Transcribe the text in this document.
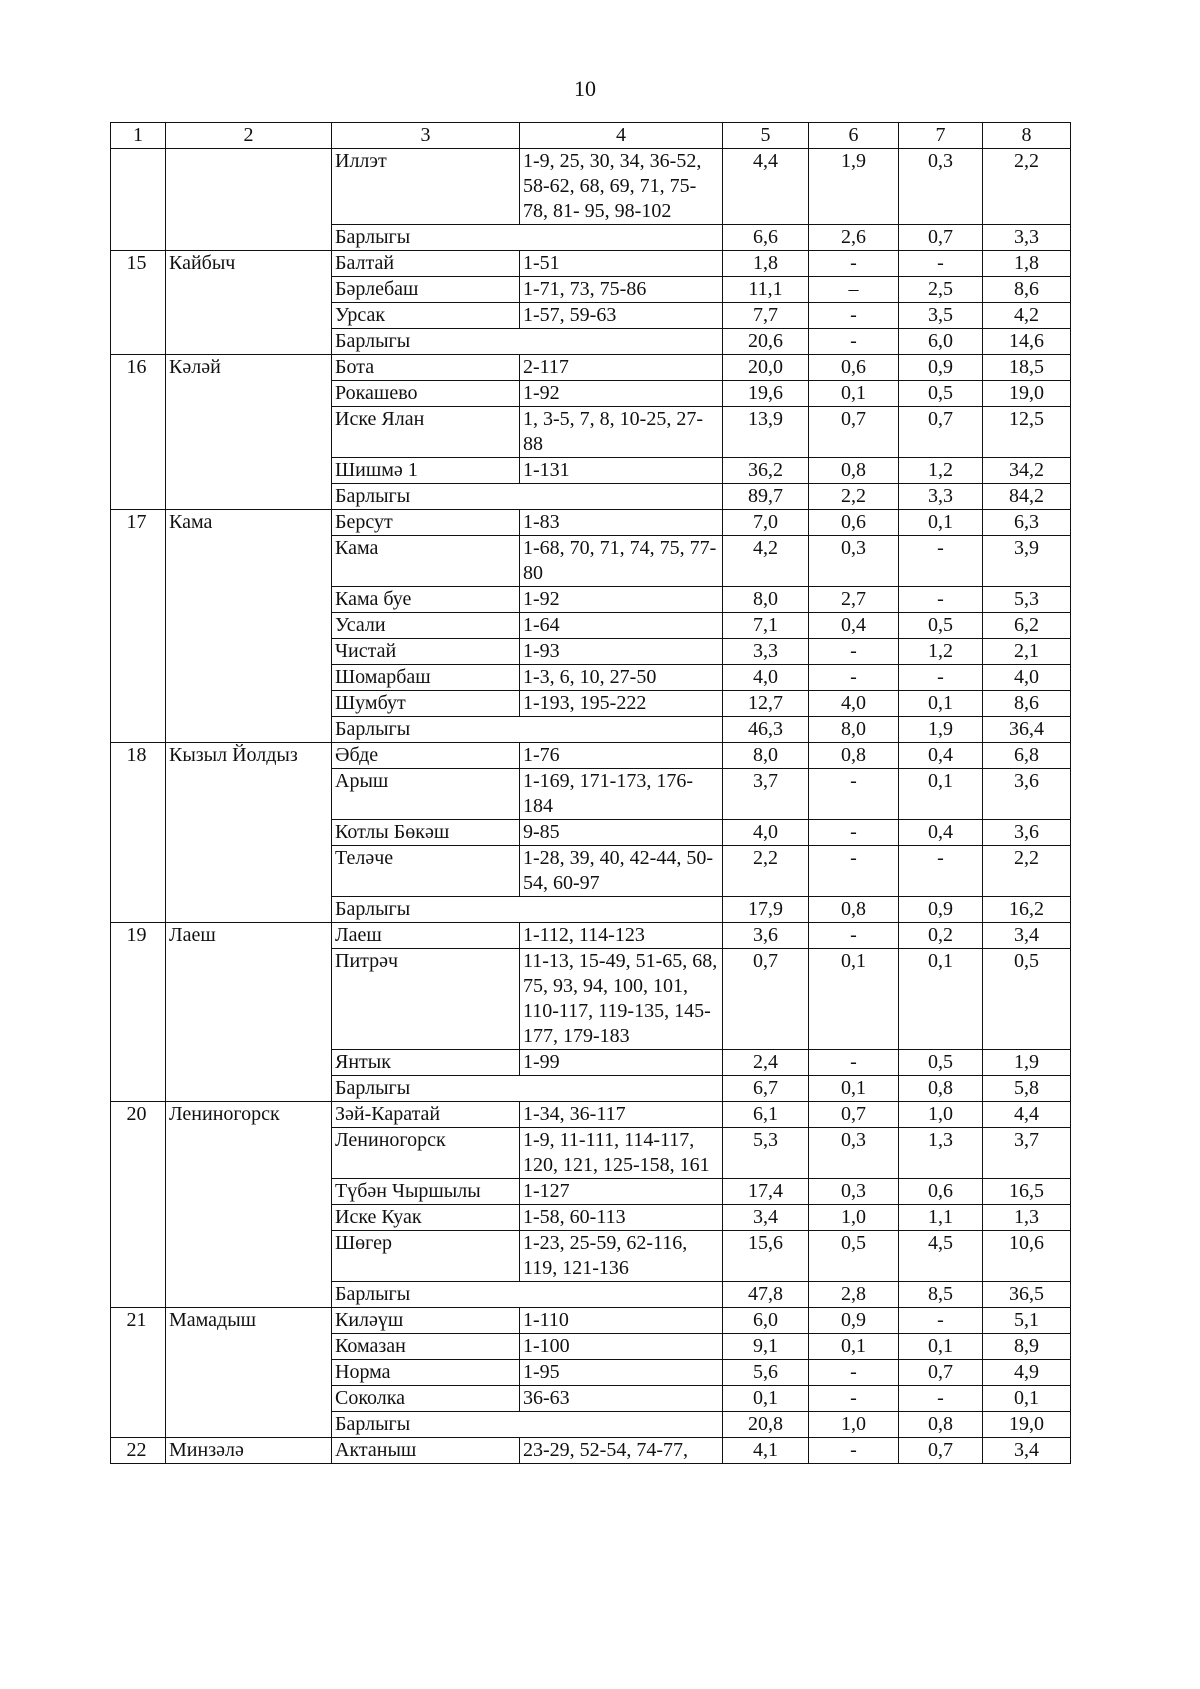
10
1	2	3	4	5	6	7	8
		Иллэт	1-9, 25, 30, 34, 36-52, 58-62, 68, 69, 71, 75-78, 81- 95, 98-102	4,4	1,9	0,3	2,2
		Барлыгы		6,6	2,6	0,7	3,3
15	Кайбыч	Балтай	1-51	1,8	-	-	1,8
		Бәрлебаш	1-71, 73, 75-86	11,1	–	2,5	8,6
		Урсак	1-57, 59-63	7,7	-	3,5	4,2
		Барлыгы		20,6	-	6,0	14,6
16	Кәләй	Бота	2-117	20,0	0,6	0,9	18,5
		Рокашево	1-92	19,6	0,1	0,5	19,0
		Иске Ялан	1, 3-5, 7, 8, 10-25, 27-88	13,9	0,7	0,7	12,5
		Шишмә 1	1-131	36,2	0,8	1,2	34,2
		Барлыгы		89,7	2,2	3,3	84,2
17	Кама	Берсут	1-83	7,0	0,6	0,1	6,3
		Кама	1-68, 70, 71, 74, 75, 77-80	4,2	0,3	-	3,9
		Кама буе	1-92	8,0	2,7	-	5,3
		Усали	1-64	7,1	0,4	0,5	6,2
		Чистай	1-93	3,3	-	1,2	2,1
		Шомарбаш	1-3, 6, 10, 27-50	4,0	-	-	4,0
		Шумбут	1-193, 195-222	12,7	4,0	0,1	8,6
		Барлыгы		46,3	8,0	1,9	36,4
18	Кызыл Йолдыз	Әбде	1-76	8,0	0,8	0,4	6,8
		Арыш	1-169, 171-173, 176-184	3,7	-	0,1	3,6
		Котлы Бөкәш	9-85	4,0	-	0,4	3,6
		Теләче	1-28, 39, 40, 42-44, 50-54, 60-97	2,2	-	-	2,2
		Барлыгы		17,9	0,8	0,9	16,2
19	Лаеш	Лаеш	1-112, 114-123	3,6	-	0,2	3,4
		Питрәч	11-13, 15-49, 51-65, 68, 75, 93, 94, 100, 101, 110-117, 119-135, 145-177, 179-183	0,7	0,1	0,1	0,5
		Янтык	1-99	2,4	-	0,5	1,9
		Барлыгы		6,7	0,1	0,8	5,8
20	Лениногорск	Зәй-Каратай	1-34, 36-117	6,1	0,7	1,0	4,4
		Лениногорск	1-9, 11-111, 114-117, 120, 121, 125-158, 161	5,3	0,3	1,3	3,7
		Түбән Чыршылы	1-127	17,4	0,3	0,6	16,5
		Иске Куак	1-58, 60-113	3,4	1,0	1,1	1,3
		Шөгер	1-23, 25-59, 62-116, 119, 121-136	15,6	0,5	4,5	10,6
		Барлыгы		47,8	2,8	8,5	36,5
21	Мамадыш	Киләүш	1-110	6,0	0,9	-	5,1
		Комазан	1-100	9,1	0,1	0,1	8,9
		Норма	1-95	5,6	-	0,7	4,9
		Соколка	36-63	0,1	-	-	0,1
		Барлыгы		20,8	1,0	0,8	19,0
22	Минзәлә	Актаныш	23-29, 52-54, 74-77,	4,1	-	0,7	3,4
